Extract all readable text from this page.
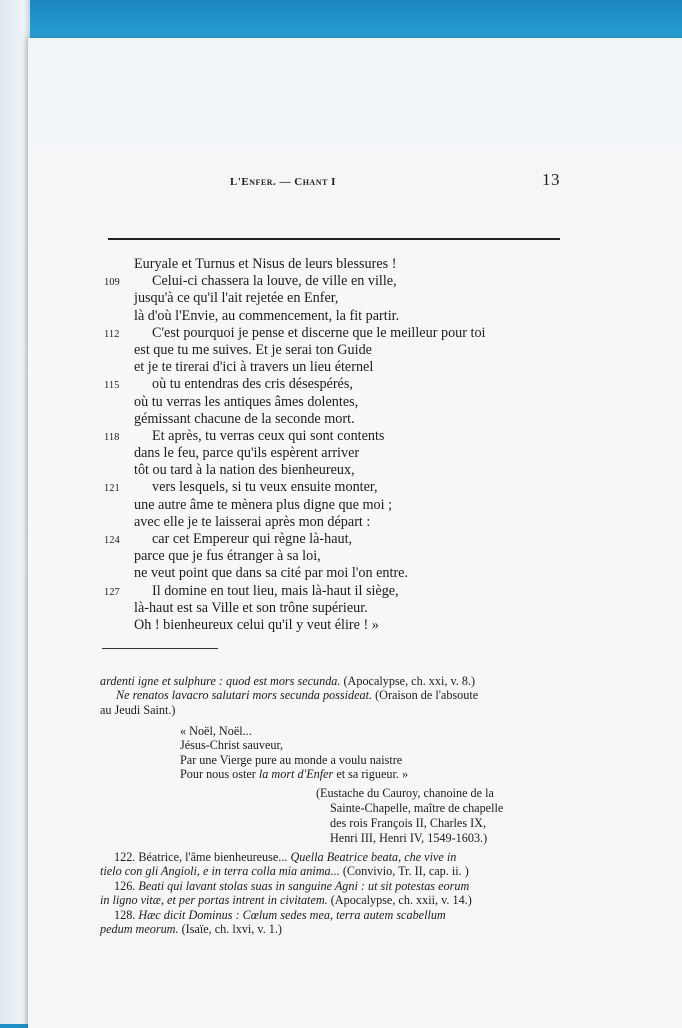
L'Enfer. — Chant I	13
Euryale et Turnus et Nisus de leurs blessures !
109	Celui-ci chassera la louve, de ville en ville,
jusqu'à ce qu'il l'ait rejetée en Enfer,
là d'où l'Envie, au commencement, la fit partir.
112	C'est pourquoi je pense et discerne que le meilleur pour toi
est que tu me suives. Et je serai ton Guide
et je te tirerai d'ici à travers un lieu éternel
115	où tu entendras des cris désespérés,
où tu verras les antiques âmes dolentes,
gémissant chacune de la seconde mort.
118	Et après, tu verras ceux qui sont contents
dans le feu, parce qu'ils espèrent arriver
tôt ou tard à la nation des bienheureux,
121	vers lesquels, si tu veux ensuite monter,
une autre âme te mènera plus digne que moi ;
avec elle je te laisserai après mon départ :
124	car cet Empereur qui règne là-haut,
parce que je fus étranger à sa loi,
ne veut point que dans sa cité par moi l'on entre.
127	Il domine en tout lieu, mais là-haut il siège,
là-haut est sa Ville et son trône supérieur.
Oh ! bienheureux celui qu'il y veut élire ! »
ardenti igne et sulphure : quod est mors secunda. (Apocalypse, ch. xxi, v. 8.)
Ne renatos lavacro salutari mors secunda possideat. (Oraison de l'absoute
au Jeudi Saint.)
« Noël, Noël...
Jésus-Christ sauveur,
Par une Vierge pure au monde a voulu naistre
Pour nous oster la mort d'Enfer et sa rigueur. »
(Eustache du Cauroy, chanoine de la
Sainte-Chapelle, maître de chapelle
des rois François II, Charles IX,
Henri III, Henri IV, 1549-1603.)
122. Béatrice, l'âme bienheureuse... Quella Beatrice beata, che vive in
tielo con gli Angioli, e in terra colla mia anima... (Convivio, Tr. II, cap. ii. )
126. Beati qui lavant stolas suas in sanguine Agni : ut sit potestas eorum
in ligno vitæ, et per portas intrent in civitatem. (Apocalypse, ch. xxii, v. 14.)
128. Hæc dicit Dominus : Cœlum sedes mea, terra autem scabellum
pedum meorum. (Isaïe, ch. lxvi, v. 1.)
